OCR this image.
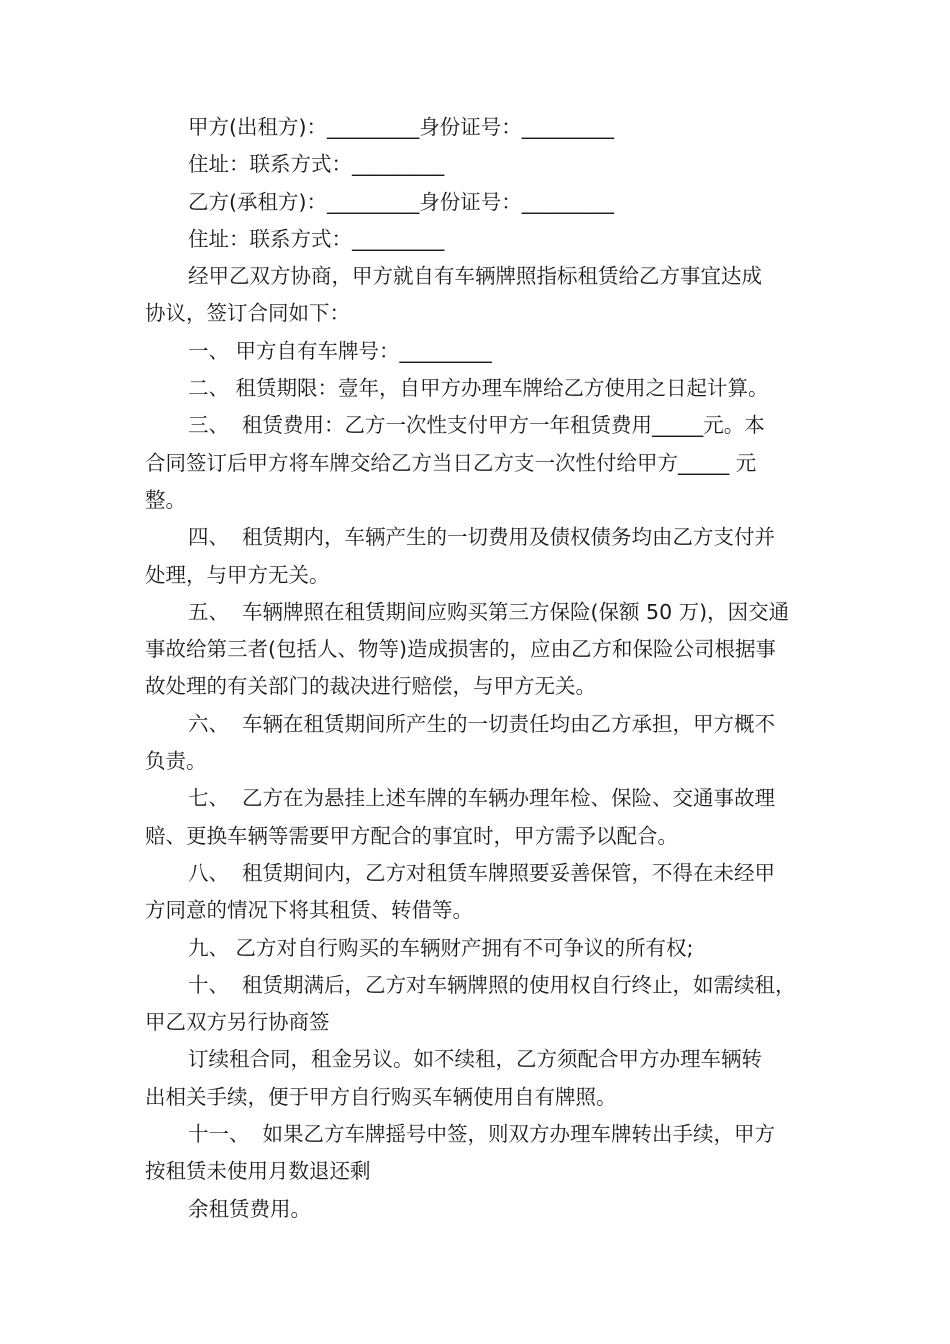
甲方(出租方)：_________身份证号：_________
住址：联系方式：_________
乙方(承租方)：_________身份证号：_________
住址：联系方式：_________
经甲乙双方协商，甲方就自有车辆牌照指标租赁给乙方事宜达成
协议，签订合同如下：
一、 甲方自有车牌号：_________
二、 租赁期限：壹年，自甲方办理车牌给乙方使用之日起计算。
三、  租赁费用：乙方一次性支付甲方一年租赁费用_____元。本
合同签订后甲方将车牌交给乙方当日乙方支一次性付给甲方_____ 元
整。
四、  租赁期内，车辆产生的一切费用及债权债务均由乙方支付并
处理，与甲方无关。
五、  车辆牌照在租赁期间应购买第三方保险(保额 50 万)，因交通
事故给第三者(包括人、物等)造成损害的，应由乙方和保险公司根据事
故处理的有关部门的裁决进行赔偿，与甲方无关。
六、  车辆在租赁期间所产生的一切责任均由乙方承担，甲方概不
负责。
七、  乙方在为悬挂上述车牌的车辆办理年检、保险、交通事故理
赔、更换车辆等需要甲方配合的事宜时，甲方需予以配合。
八、  租赁期间内，乙方对租赁车牌照要妥善保管，不得在未经甲
方同意的情况下将其租赁、转借等。
九、 乙方对自行购买的车辆财产拥有不可争议的所有权;
十、  租赁期满后，乙方对车辆牌照的使用权自行终止，如需续租，
甲乙双方另行协商签
订续租合同，租金另议。如不续租，乙方须配合甲方办理车辆转
出相关手续，便于甲方自行购买车辆使用自有牌照。
十一、  如果乙方车牌摇号中签，则双方办理车牌转出手续，甲方
按租赁未使用月数退还剩
余租赁费用。
